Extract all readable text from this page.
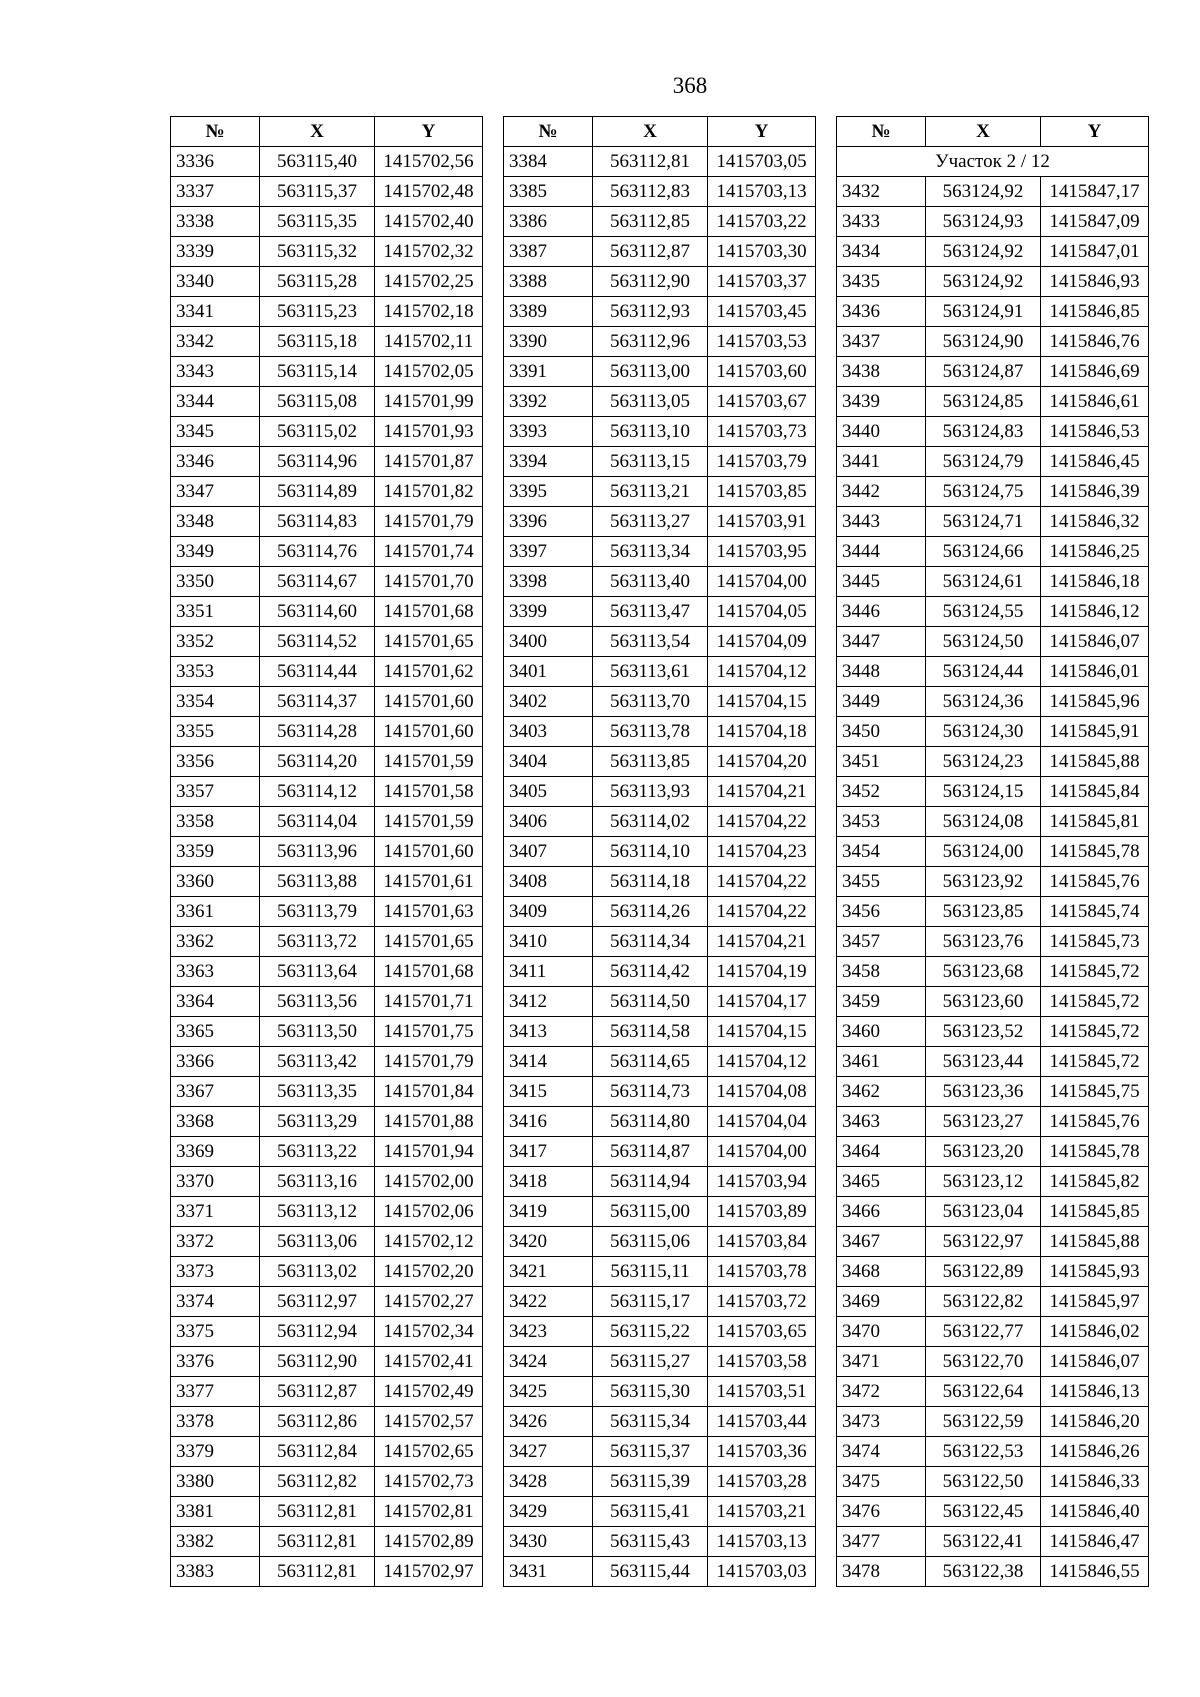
368
№	X	Y
3336	563115,40	1415702,56
3337	563115,37	1415702,48
3338	563115,35	1415702,40
3339	563115,32	1415702,32
3340	563115,28	1415702,25
3341	563115,23	1415702,18
3342	563115,18	1415702,11
3343	563115,14	1415702,05
3344	563115,08	1415701,99
3345	563115,02	1415701,93
3346	563114,96	1415701,87
3347	563114,89	1415701,82
3348	563114,83	1415701,79
3349	563114,76	1415701,74
3350	563114,67	1415701,70
3351	563114,60	1415701,68
3352	563114,52	1415701,65
3353	563114,44	1415701,62
3354	563114,37	1415701,60
3355	563114,28	1415701,60
3356	563114,20	1415701,59
3357	563114,12	1415701,58
3358	563114,04	1415701,59
3359	563113,96	1415701,60
3360	563113,88	1415701,61
3361	563113,79	1415701,63
3362	563113,72	1415701,65
3363	563113,64	1415701,68
3364	563113,56	1415701,71
3365	563113,50	1415701,75
3366	563113,42	1415701,79
3367	563113,35	1415701,84
3368	563113,29	1415701,88
3369	563113,22	1415701,94
3370	563113,16	1415702,00
3371	563113,12	1415702,06
3372	563113,06	1415702,12
3373	563113,02	1415702,20
3374	563112,97	1415702,27
3375	563112,94	1415702,34
3376	563112,90	1415702,41
3377	563112,87	1415702,49
3378	563112,86	1415702,57
3379	563112,84	1415702,65
3380	563112,82	1415702,73
3381	563112,81	1415702,81
3382	563112,81	1415702,89
3383	563112,81	1415702,97
№	X	Y
3384	563112,81	1415703,05
3385	563112,83	1415703,13
3386	563112,85	1415703,22
3387	563112,87	1415703,30
3388	563112,90	1415703,37
3389	563112,93	1415703,45
3390	563112,96	1415703,53
3391	563113,00	1415703,60
3392	563113,05	1415703,67
3393	563113,10	1415703,73
3394	563113,15	1415703,79
3395	563113,21	1415703,85
3396	563113,27	1415703,91
3397	563113,34	1415703,95
3398	563113,40	1415704,00
3399	563113,47	1415704,05
3400	563113,54	1415704,09
3401	563113,61	1415704,12
3402	563113,70	1415704,15
3403	563113,78	1415704,18
3404	563113,85	1415704,20
3405	563113,93	1415704,21
3406	563114,02	1415704,22
3407	563114,10	1415704,23
3408	563114,18	1415704,22
3409	563114,26	1415704,22
3410	563114,34	1415704,21
3411	563114,42	1415704,19
3412	563114,50	1415704,17
3413	563114,58	1415704,15
3414	563114,65	1415704,12
3415	563114,73	1415704,08
3416	563114,80	1415704,04
3417	563114,87	1415704,00
3418	563114,94	1415703,94
3419	563115,00	1415703,89
3420	563115,06	1415703,84
3421	563115,11	1415703,78
3422	563115,17	1415703,72
3423	563115,22	1415703,65
3424	563115,27	1415703,58
3425	563115,30	1415703,51
3426	563115,34	1415703,44
3427	563115,37	1415703,36
3428	563115,39	1415703,28
3429	563115,41	1415703,21
3430	563115,43	1415703,13
3431	563115,44	1415703,03
№	X	Y
Участок 2 / 12		
3432	563124,92	1415847,17
3433	563124,93	1415847,09
3434	563124,92	1415847,01
3435	563124,92	1415846,93
3436	563124,91	1415846,85
3437	563124,90	1415846,76
3438	563124,87	1415846,69
3439	563124,85	1415846,61
3440	563124,83	1415846,53
3441	563124,79	1415846,45
3442	563124,75	1415846,39
3443	563124,71	1415846,32
3444	563124,66	1415846,25
3445	563124,61	1415846,18
3446	563124,55	1415846,12
3447	563124,50	1415846,07
3448	563124,44	1415846,01
3449	563124,36	1415845,96
3450	563124,30	1415845,91
3451	563124,23	1415845,88
3452	563124,15	1415845,84
3453	563124,08	1415845,81
3454	563124,00	1415845,78
3455	563123,92	1415845,76
3456	563123,85	1415845,74
3457	563123,76	1415845,73
3458	563123,68	1415845,72
3459	563123,60	1415845,72
3460	563123,52	1415845,72
3461	563123,44	1415845,72
3462	563123,36	1415845,75
3463	563123,27	1415845,76
3464	563123,20	1415845,78
3465	563123,12	1415845,82
3466	563123,04	1415845,85
3467	563122,97	1415845,88
3468	563122,89	1415845,93
3469	563122,82	1415845,97
3470	563122,77	1415846,02
3471	563122,70	1415846,07
3472	563122,64	1415846,13
3473	563122,59	1415846,20
3474	563122,53	1415846,26
3475	563122,50	1415846,33
3476	563122,45	1415846,40
3477	563122,41	1415846,47
3478	563122,38	1415846,55
